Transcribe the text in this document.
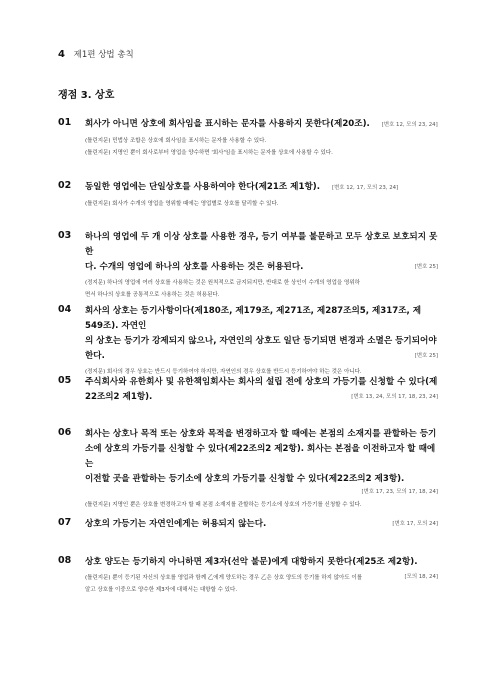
4 제1편 상법 총칙
쟁점 3. 상호
01 회사가 아니면 상호에 회사임을 표시하는 문자를 사용하지 못한다(제20조). [변호 12, 모의 23, 24]
(틀린지문) 민법상 조합은 상호에 회사임을 표시하는 문자를 사용할 수 있다.
(틀린지문) 지명인 뿐이 회사로부터 영업을 양수하면 '회사'임을 표시하는 문자를 상호에 사용할 수 있다.
02 동일한 영업에는 단일상호를 사용하여야 한다(제21조 제1항). [변호 12, 17, 모의 23, 24]
(틀린지문) 회사가 수개의 영업을 영위할 때에는 영업별로 상호를 달리할 수 있다.
03 하나의 영업에 두 개 이상 상호를 사용한 경우, 등기 여부를 불문하고 모두 상호로 보호되지 못한
다. 수개의 영업에 하나의 상호를 사용하는 것은 허용된다.	[변호 25]
(정지문) 하나의 영업에 여러 상호를 사용하는 것은 원칙적으로 금지되지만, 반대로 한 상인이 수개의 영업을 영위하
면서 하나의 상호를 공통적으로 사용하는 것은 허용된다.
04 회사의 상호는 등기사항이다(제180조, 제179조, 제271조, 제287조의5, 제317조, 제549조). 자연인
의 상호는 등기가 강제되지 않으나, 자연인의 상호도 일단 등기되면 변경과 소멸은 등기되어야
한다.	[변호 25]
(정지문) 회사의 경우 상호는 반드시 등기하여야 하지만, 자연인의 경우 상호를 반드시 등기하여야 하는 것은 아니다.
05 주식회사와 유한회사 및 유한책임회사는 회사의 설립 전에 상호의 가등기를 신청할 수 있다(제
22조의2 제1항).	[변호 13, 24, 모의 17, 18, 23, 24]
06 회사는 상호나 목적 또는 상호와 목적을 변경하고자 할 때에는 본점의 소재지를 관할하는 등기
소에 상호의 가등기를 신청할 수 있다(제22조의2 제2항). 회사는 본점을 이전하고자 할 때에는
이전할 곳을 관할하는 등기소에 상호의 가등기를 신청할 수 있다(제22조의2 제3항).
[변호 17, 23, 모의 17, 18, 24]
(틀린지문) 지명인 뿐은 상호를 변경하고자 할 때 본점 소재지를 관할하는 등기소에 상호의 가등기를 신청할 수 있다.
07 상호의 가등기는 자연인에게는 허용되지 않는다.	[변호 17, 모의 24]
08 상호 양도는 등기하지 아니하면 제3자(선악 불문)에게 대항하지 못한다(제25조 제2항).
[모의 18, 24]
(틀린지문) 뿐이 등기된 자신의 상호를 영업과 함께 乙에게 양도하는 경우 乙은 상호 양도의 등기를 하지 않아도 이를
알고 상호를 이중으로 양수한 제3자에 대해서는 대항할 수 있다.
